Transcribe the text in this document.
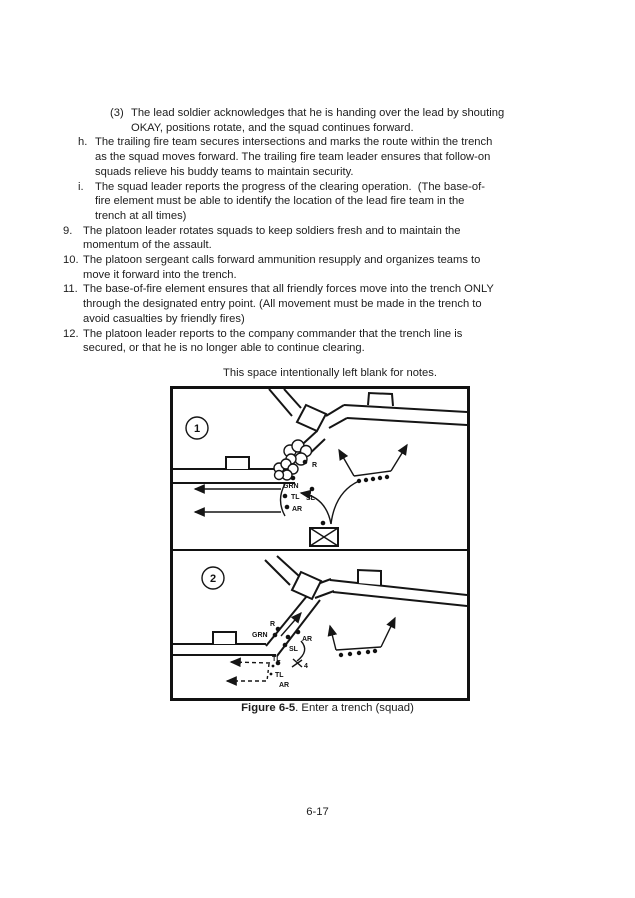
(3) The lead soldier acknowledges that he is handing over the lead by shouting
OKAY, positions rotate, and the squad continues forward.
h. The trailing fire team secures intersections and marks the route within the trench
as the squad moves forward. The trailing fire team leader ensures that follow-on
squads relieve his buddy teams to maintain security.
i.	The squad leader reports the progress of the clearing operation.  (The base-of-
fire element must be able to identify the location of the lead fire team in the
trench at all times)
9. The platoon leader rotates squads to keep soldiers fresh and to maintain the
momentum of the assault.
10. The platoon sergeant calls forward ammunition resupply and organizes teams to
move it forward into the trench.
11. The base-of-fire element ensures that all friendly forces move into the trench ONLY
through the designated entry point. (All movement must be made in the trench to
avoid casualties by friendly fires)
12. The platoon leader reports to the company commander that the trench line is
secured, or that he is no longer able to continue clearing.
This space intentionally left blank for notes.
R
GRN
TL SL
AR
1
R
GRN
AR
SL
TL
4
TL
AR
2
Figure 6-5. Enter a trench (squad)
6-17
